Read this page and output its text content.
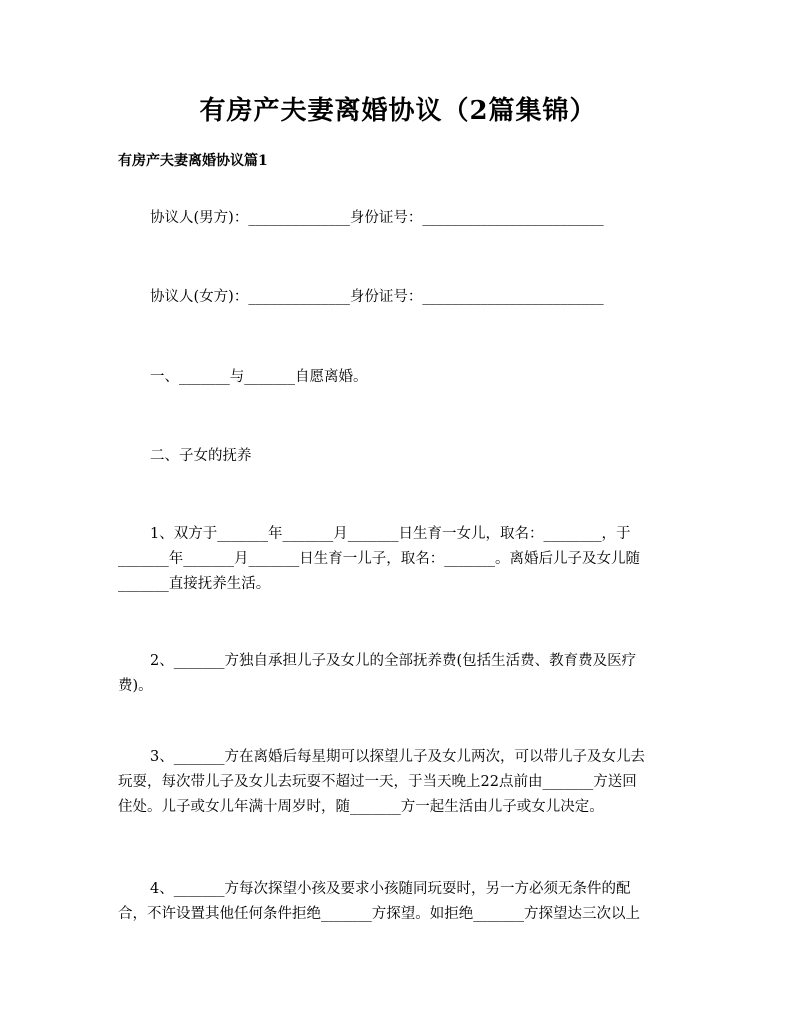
有房产夫妻离婚协议（2篇集锦）
有房产夫妻离婚协议篇1
协议人(男方)：______________身份证号：_________________________
协议人(女方)：______________身份证号：_________________________
一、_______与_______自愿离婚。
二、子女的抚养

1、双方于_______年_______月_______日生育一女儿，取名：________，于

_______年_______月_______日生育一儿子，取名：_______。离婚后儿子及女儿随

_______直接抚养生活。

2、_______方独自承担儿子及女儿的全部抚养费(包括生活费、教育费及医疗

费)。

3、_______方在离婚后每星期可以探望儿子及女儿两次，可以带儿子及女儿去

玩耍，每次带儿子及女儿去玩耍不超过一天，于当天晚上22点前由_______方送回

住处。儿子或女儿年满十周岁时，随_______方一起生活由儿子或女儿决定。

4、_______方每次探望小孩及要求小孩随同玩耍时，另一方必须无条件的配

合，不许设置其他任何条件拒绝_______方探望。如拒绝_______方探望达三次以上
